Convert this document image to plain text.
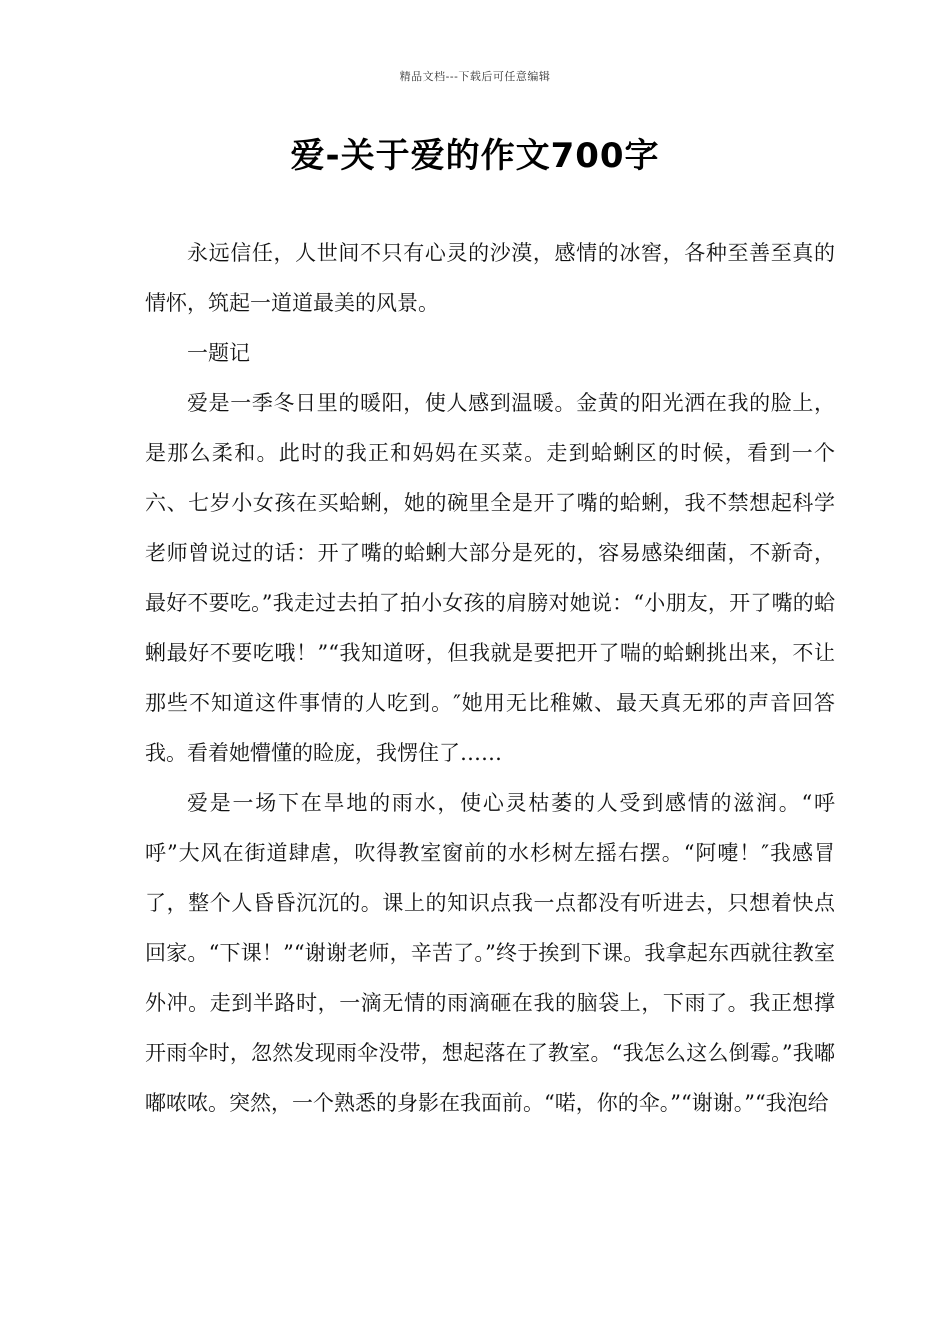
精品文档---下载后可任意编辑
爱-关于爱的作文700字

永远信任，人世间不只有心灵的沙漠，感情的冰窖，各种至善至真的情怀，筑起一道道最美的风景。

一题记

爱是一季冬日里的暖阳，使人感到温暖。金黄的阳光洒在我的脸上，是那么柔和。此时的我正和妈妈在买菜。走到蛤蜊区的时候，看到一个六、七岁小女孩在买蛤蜊，她的碗里全是开了嘴的蛤蜊，我不禁想起科学老师曾说过的话：开了嘴的蛤蜊大部分是死的，容易感染细菌，不新奇，最好不要吃。”我走过去拍了拍小女孩的肩膀对她说：“小朋友，开了嘴的蛤蜊最好不要吃哦！”“我知道呀，但我就是要把开了喘的蛤蜊挑出来，不让那些不知道这件事情的人吃到。″她用无比稚嫩、最天真无邪的声音回答我。看着她懵懂的睑庞，我愣住了……

爱是一场下在旱地的雨水，使心灵枯萎的人受到感情的滋润。“呼呼”大风在街道肆虐，吹得教室窗前的水杉树左摇右摆。“阿嚏！″我感冒了，整个人昏昏沉沉的。课上的知识点我一点都没有听进去，只想着快点回家。“下课！”“谢谢老师，辛苦了。”终于挨到下课。我拿起东西就往教室外冲。走到半路时，一滴无情的雨滴砸在我的脑袋上，下雨了。我正想撑开雨伞时，忽然发现雨伞没带，想起落在了教室。“我怎么这么倒霉。”我嘟嘟哝哝。突然，一个熟悉的身影在我面前。“喏，你的伞。”“谢谢。”“我泡给
